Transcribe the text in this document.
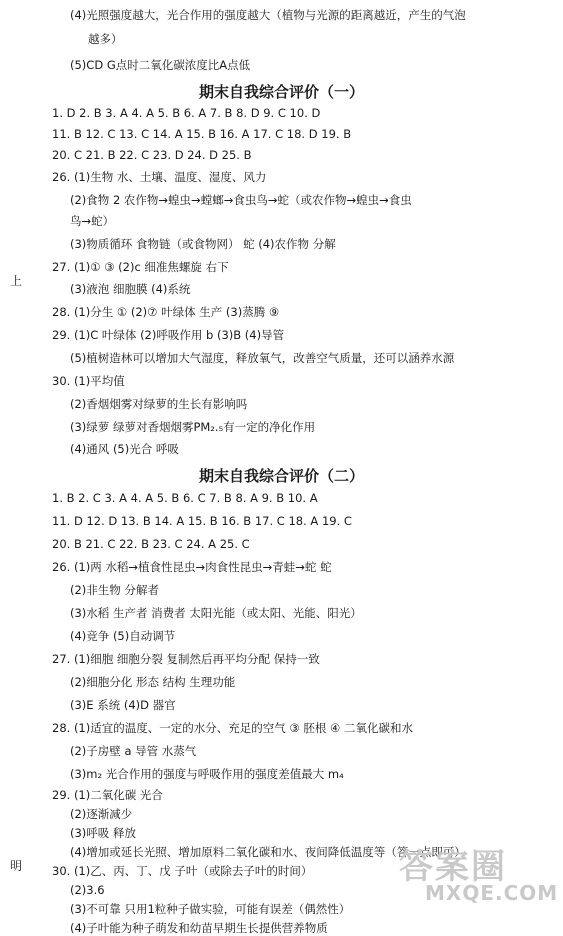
上
明
(4)光照强度越大，光合作用的强度越大（植物与光源的距离越近，产生的气泡
越多）
(5)CD G点时二氧化碳浓度比A点低
期末自我综合评价（一）
1. D 2. B 3. A 4. A 5. B 6. A 7. B 8. D 9. C 10. D
11. B 12. C 13. C 14. A 15. B 16. A 17. C 18. D 19. B
20. C 21. B 22. C 23. D 24. D 25. B
26. (1)生物 水、土壤、温度、湿度、风力
(2)食物 2 农作物→蝗虫→螳螂→食虫鸟→蛇（或农作物→蝗虫→食虫
鸟→蛇）
(3)物质循环 食物链（或食物网） 蛇 (4)农作物 分解
27. (1)① ③ (2)c 细准焦螺旋 右下
(3)液泡 细胞膜 (4)系统
28. (1)分生 ① (2)⑦ 叶绿体 生产 (3)蒸腾 ⑨
29. (1)C 叶绿体 (2)呼吸作用 b (3)B (4)导管
(5)植树造林可以增加大气湿度，释放氧气，改善空气质量，还可以涵养水源
30. (1)平均值
(2)香烟烟雾对绿萝的生长有影响吗
(3)绿萝 绿萝对香烟烟雾PM₂.₅有一定的净化作用
(4)通风 (5)光合 呼吸
期末自我综合评价（二）
1. B 2. C 3. A 4. A 5. B 6. C 7. B 8. A 9. B 10. A
11. D 12. D 13. B 14. A 15. B 16. B 17. C 18. A 19. C
20. B 21. C 22. B 23. C 24. A 25. C
26. (1)两 水稻→植食性昆虫→肉食性昆虫→青蛙→蛇 蛇
(2)非生物 分解者
(3)水稻 生产者 消费者 太阳光能（或太阳、光能、阳光）
(4)竞争 (5)自动调节
27. (1)细胞 细胞分裂 复制然后再平均分配 保持一致
(2)细胞分化 形态 结构 生理功能
(3)E 系统 (4)D 器官
28. (1)适宜的温度、一定的水分、充足的空气 ③ 胚根 ④ 二氧化碳和水
(2)子房壁 a 导管 水蒸气
(3)m₂ 光合作用的强度与呼吸作用的强度差值最大 m₄
29. (1)二氧化碳 光合
(2)逐渐减少
(3)呼吸 释放
(4)增加或延长光照、增加原料二氧化碳和水、夜间降低温度等（答一点即可）
30. (1)乙、丙、丁、戊 子叶（或除去子叶的时间）
(2)3.6
(3)不可靠 只用1粒种子做实验，可能有误差（偶然性）
(4)子叶能为种子萌发和幼苗早期生长提供营养物质
答案圈
MXQE.COM
